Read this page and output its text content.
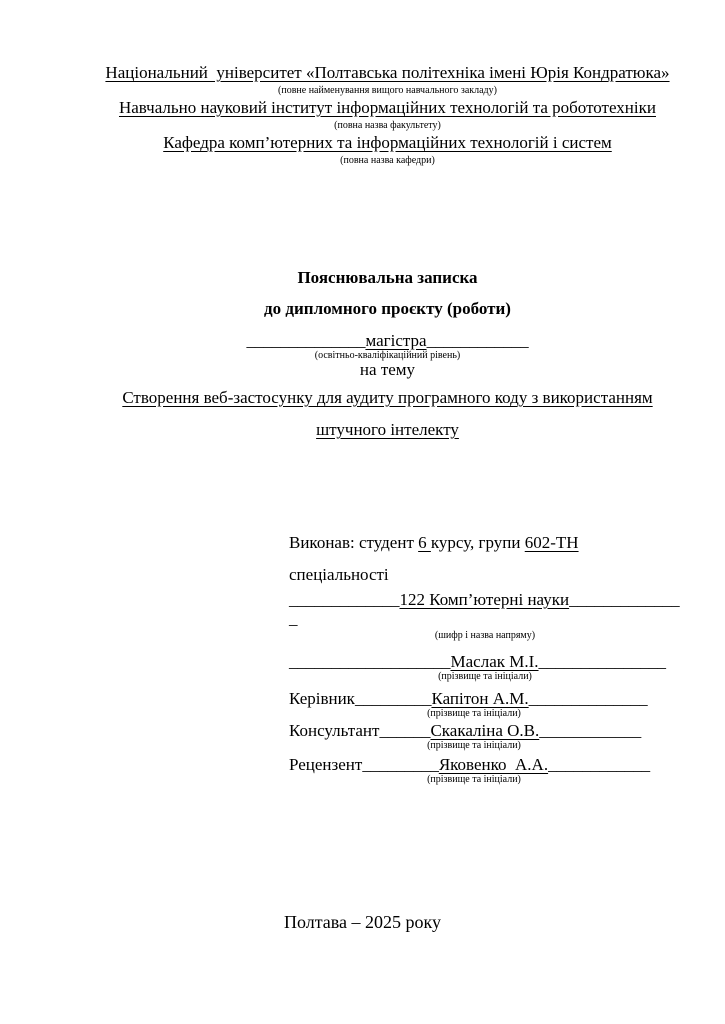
Національний  університет «Полтавська політехніка імені Юрія Кондратюка»
(повне найменування вищого навчального закладу)
Навчально науковий інститут інформаційних технологій та робототехніки
(повна назва факультету)
Кафедра комп’ютерних та інформаційних технологій і систем
(повна назва кафедри)
Пояснювальна записка
до дипломного проєкту (роботи)
______________магістра____________
(освітньо-кваліфікаційний рівень)
на тему
Створення веб-застосунку для аудиту програмного коду з використанням
штучного інтелекту
Виконав: студент 6 курсу, групи 602-ТН
спеціальності
_____________122 Комп’ютерні науки_____________ _
(шифр і назва напряму)
___________________Маслак М.І._______________
(прізвище та ініціали)
Керівник_________Капітон А.М.______________
(прізвище та ініціали)
Консультант______Скакаліна О.В.____________
(прізвище та ініціали)
Рецензент_________Яковенко  А.А.____________
(прізвище та ініціали)
Полтава – 2025 року
